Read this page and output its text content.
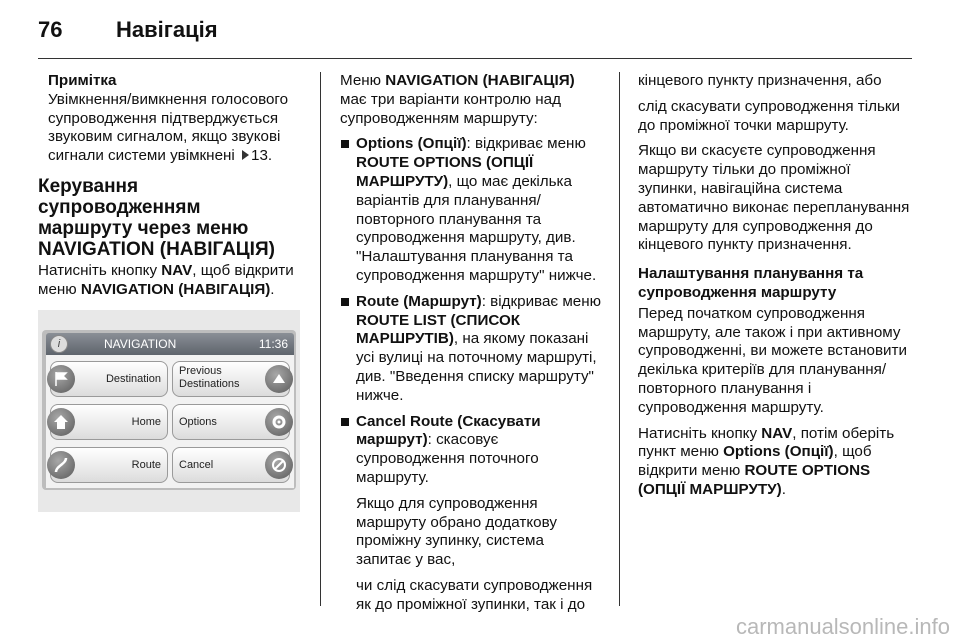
76	Навігація
Примітка
Увімкнення/вимкнення голосового супроводження підтверджується звуковим сигналом, якщо звукові сигнали системи увімкнені 13.
Керування супроводженням маршруту через меню NAVIGATION (НАВІГАЦІЯ)

Натисніть кнопку NAV, щоб відкрити меню NAVIGATION (НАВІГАЦІЯ).

i	NAVIGATION	11:36
Destination
Previous
Destinations
Home Options
Route Cancel

Меню NAVIGATION (НАВІГАЦІЯ) має три варіанти контролю над супроводженням маршруту:

Options (Опції): відкриває меню ROUTE OPTIONS (ОПЦІЇ МАРШРУТУ), що має декілька варіантів для планування/ повторного планування та супроводження маршруту, див. "Налаштування планування та супроводження маршруту" нижче.
Route (Маршрут): відкриває меню ROUTE LIST (СПИСОК МАРШРУТІВ), на якому показані усі вулиці на поточному маршруті, див. "Введення списку маршруту" нижче.
Cancel Route (Скасувати маршрут): скасовує супроводження поточного маршруту.
Якщо для супроводження маршруту обрано додаткову проміжну зупинку, система запитає у вас,
чи слід скасувати супроводження як до проміжної зупинки, так і до

кінцевого пункту призначення, або

слід скасувати супроводження тільки до проміжної точки маршруту.

Якщо ви скасуєте супроводження маршруту тільки до проміжної зупинки, навігаційна система автоматично виконає перепланування маршруту для супроводження до кінцевого пункту призначення.

Налаштування планування та супроводження маршруту

Перед початком супроводження маршруту, але також і при активному супроводженні, ви можете встановити декілька критеріїв для планування/ повторного планування і супроводження маршруту.

Натисніть кнопку NAV, потім оберіть пункт меню Options (Опції), щоб відкрити меню ROUTE OPTIONS (ОПЦІЇ МАРШРУТУ).

carmanualsonline.info
